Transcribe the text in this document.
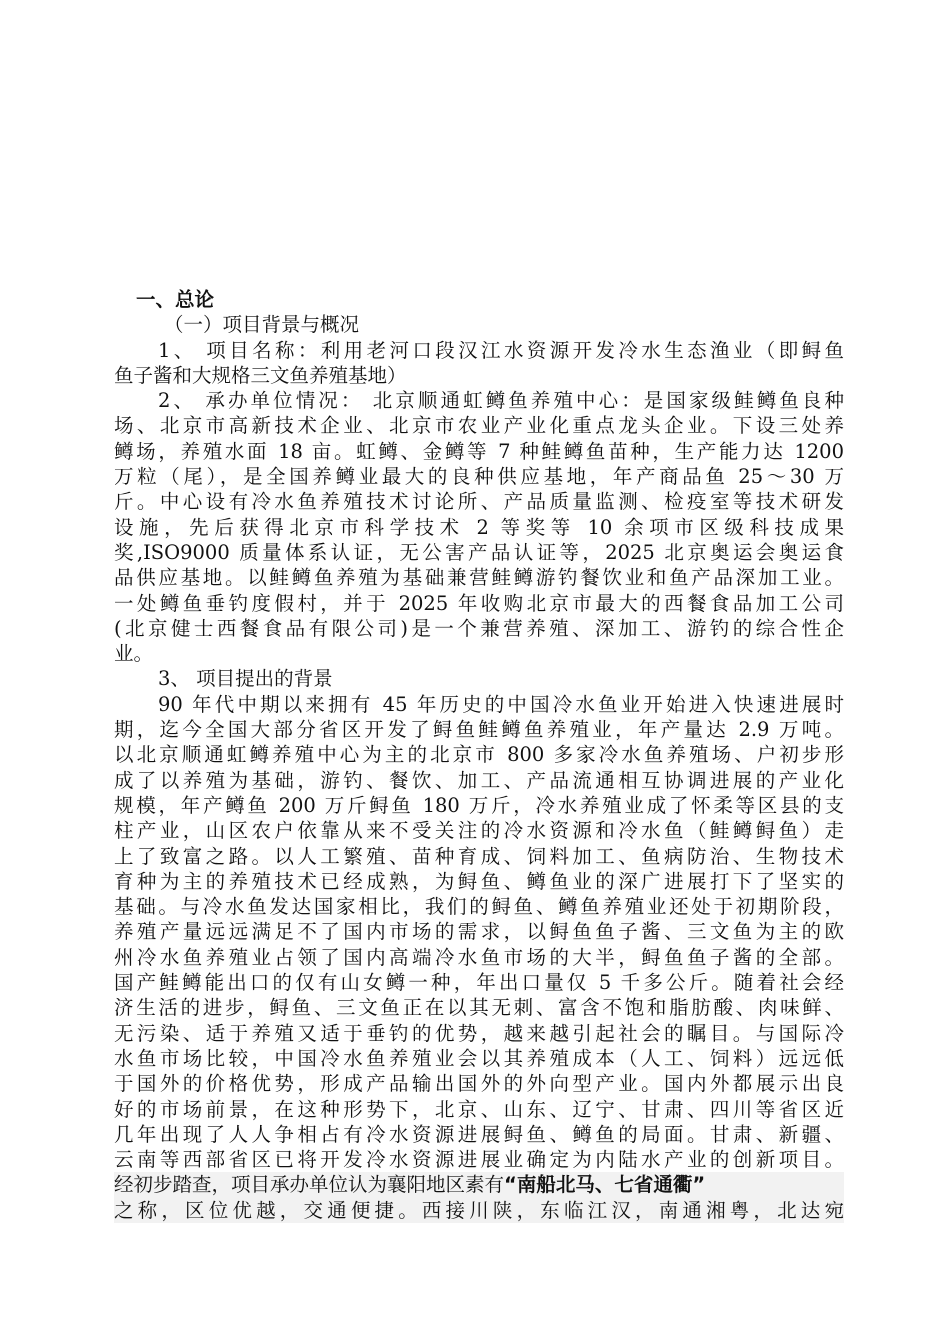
一、总论
（一）项目背景与概况
1、 项目名称：利用老河口段汉江水资源开发冷水生态渔业（即鲟鱼
鱼子酱和大规格三文鱼养殖基地）
2、 承办单位情况： 北京顺通虹鳟鱼养殖中心：是国家级鲑鳟鱼良种
场、北京市高新技术企业、北京市农业产业化重点龙头企业。下设三处养
鳟场，养殖水面 18 亩。虹鳟、金鳟等 7 种鲑鳟鱼苗种，生产能力达 1200
万粒（尾），是全国养鳟业最大的良种供应基地，年产商品鱼 25～30 万
斤。中心设有冷水鱼养殖技术讨论所、产品质量监测、检疫室等技术研发
设施，先后获得北京市科学技术 2 等奖等 10 余项市区级科技成果
奖,ISO9000 质量体系认证，无公害产品认证等，2025 北京奥运会奥运食
品供应基地。以鲑鳟鱼养殖为基础兼营鲑鳟游钓餐饮业和鱼产品深加工业。
一处鳟鱼垂钓度假村，并于 2025 年收购北京市最大的西餐食品加工公司
(北京健士西餐食品有限公司)是一个兼营养殖、深加工、游钓的综合性企
业。
3、 项目提出的背景
90 年代中期以来拥有 45 年历史的中国冷水鱼业开始进入快速进展时
期，迄今全国大部分省区开发了鲟鱼鲑鳟鱼养殖业，年产量达 2.9 万吨。
以北京顺通虹鳟养殖中心为主的北京市 800 多家冷水鱼养殖场、户初步形
成了以养殖为基础，游钓、餐饮、加工、产品流通相互协调进展的产业化
规模，年产鳟鱼 200 万斤鲟鱼 180 万斤，冷水养殖业成了怀柔等区县的支
柱产业，山区农户依靠从来不受关注的冷水资源和冷水鱼（鲑鳟鲟鱼）走
上了致富之路。以人工繁殖、苗种育成、饲料加工、鱼病防治、生物技术
育种为主的养殖技术已经成熟，为鲟鱼、鳟鱼业的深广进展打下了坚实的
基础。与冷水鱼发达国家相比，我们的鲟鱼、鳟鱼养殖业还处于初期阶段，
养殖产量远远满足不了国内市场的需求，以鲟鱼鱼子酱、三文鱼为主的欧
州冷水鱼养殖业占领了国内高端冷水鱼市场的大半，鲟鱼鱼子酱的全部。
国产鲑鳟能出口的仅有山女鳟一种，年出口量仅 5 千多公斤。随着社会经
济生活的进步，鲟鱼、三文鱼正在以其无刺、富含不饱和脂肪酸、肉味鲜、
无污染、适于养殖又适于垂钓的优势，越来越引起社会的瞩目。与国际冷
水鱼市场比较，中国冷水鱼养殖业会以其养殖成本（人工、饲料）远远低
于国外的价格优势，形成产品输出国外的外向型产业。国内外都展示出良
好的市场前景，在这种形势下，北京、山东、辽宁、甘肃、四川等省区近
几年出现了人人争相占有冷水资源进展鲟鱼、鳟鱼的局面。甘肃、新疆、
云南等西部省区已将开发冷水资源进展业确定为内陆水产业的创新项目。
经初步踏查，项目承办单位认为襄阳地区素有“南船北马、七省通衢”
之称，区位优越，交通便捷。西接川陕，东临江汉，南通湘粤，北达宛
